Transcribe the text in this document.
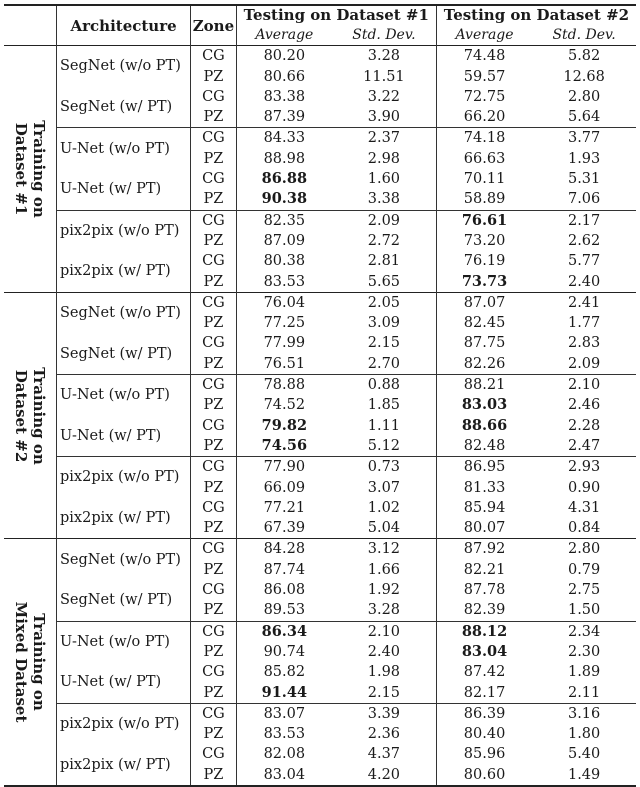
	Architecture	Zone	Testing on Dataset #1		Testing on Dataset #2	
			Average	Std. Dev.	Average	Std. Dev.

Training on
Dataset #1	SegNet (w/o PT)	CG	80.20	3.28	74.48	5.82
		PZ	80.66	11.51	59.57	12.68
	SegNet (w/ PT)	CG	83.38	3.22	72.75	2.80
		PZ	87.39	3.90	66.20	5.64
	U-Net (w/o PT)	CG	84.33	2.37	74.18	3.77
		PZ	88.98	2.98	66.63	1.93
	U-Net (w/ PT)	CG	86.88	1.60	70.11	5.31
		PZ	90.38	3.38	58.89	7.06
	pix2pix (w/o PT)	CG	82.35	2.09	76.61	2.17
		PZ	87.09	2.72	73.20	2.62
	pix2pix (w/ PT)	CG	80.38	2.81	76.19	5.77
		PZ	83.53	5.65	73.73	2.40

Training on
Dataset #2	SegNet (w/o PT)	CG	76.04	2.05	87.07	2.41
		PZ	77.25	3.09	82.45	1.77
	SegNet (w/ PT)	CG	77.99	2.15	87.75	2.83
		PZ	76.51	2.70	82.26	2.09
	U-Net (w/o PT)	CG	78.88	0.88	88.21	2.10
		PZ	74.52	1.85	83.03	2.46
	U-Net (w/ PT)	CG	79.82	1.11	88.66	2.28
		PZ	74.56	5.12	82.48	2.47
	pix2pix (w/o PT)	CG	77.90	0.73	86.95	2.93
		PZ	66.09	3.07	81.33	0.90
	pix2pix (w/ PT)	CG	77.21	1.02	85.94	4.31
		PZ	67.39	5.04	80.07	0.84

Training on
Mixed Dataset	SegNet (w/o PT)	CG	84.28	3.12	87.92	2.80
		PZ	87.74	1.66	82.21	0.79
	SegNet (w/ PT)	CG	86.08	1.92	87.78	2.75
		PZ	89.53	3.28	82.39	1.50
	U-Net (w/o PT)	CG	86.34	2.10	88.12	2.34
		PZ	90.74	2.40	83.04	2.30
	U-Net (w/ PT)	CG	85.82	1.98	87.42	1.89
		PZ	91.44	2.15	82.17	2.11
	pix2pix (w/o PT)	CG	83.07	3.39	86.39	3.16
		PZ	83.53	2.36	80.40	1.80
	pix2pix (w/ PT)	CG	82.08	4.37	85.96	5.40
		PZ	83.04	4.20	80.60	1.49
